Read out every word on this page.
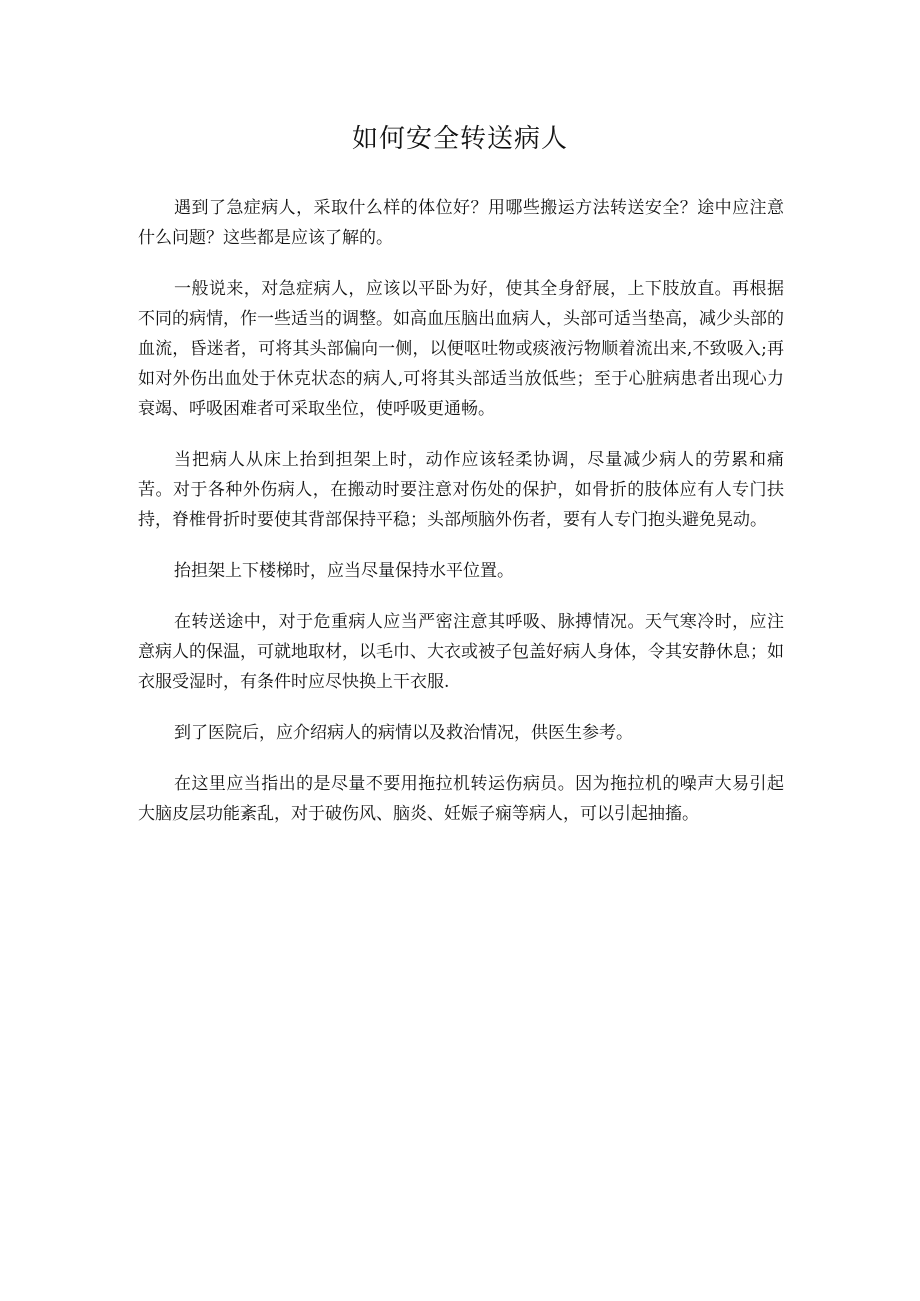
如何安全转送病人

遇到了急症病人，采取什么样的体位好？用哪些搬运方法转送安全？途中应注意什么问题？这些都是应该了解的。

一般说来，对急症病人，应该以平卧为好，使其全身舒展，上下肢放直。再根据不同的病情，作一些适当的调整。如高血压脑出血病人，头部可适当垫高，减少头部的血流，昏迷者，可将其头部偏向一侧，以便呕吐物或痰液污物顺着流出来,不致吸入;再如对外伤出血处于休克状态的病人,可将其头部适当放低些；至于心脏病患者出现心力衰竭、呼吸困难者可采取坐位，使呼吸更通畅。

当把病人从床上抬到担架上时，动作应该轻柔协调，尽量减少病人的劳累和痛苦。对于各种外伤病人，在搬动时要注意对伤处的保护，如骨折的肢体应有人专门扶持，脊椎骨折时要使其背部保持平稳；头部颅脑外伤者，要有人专门抱头避免晃动。

抬担架上下楼梯时，应当尽量保持水平位置。

在转送途中，对于危重病人应当严密注意其呼吸、脉搏情况。天气寒冷时，应注意病人的保温，可就地取材，以毛巾、大衣或被子包盖好病人身体，令其安静休息；如衣服受湿时，有条件时应尽快换上干衣服.

到了医院后，应介绍病人的病情以及救治情况，供医生参考。

在这里应当指出的是尽量不要用拖拉机转运伤病员。因为拖拉机的噪声大易引起大脑皮层功能紊乱，对于破伤风、脑炎、妊娠子痫等病人，可以引起抽搐。
